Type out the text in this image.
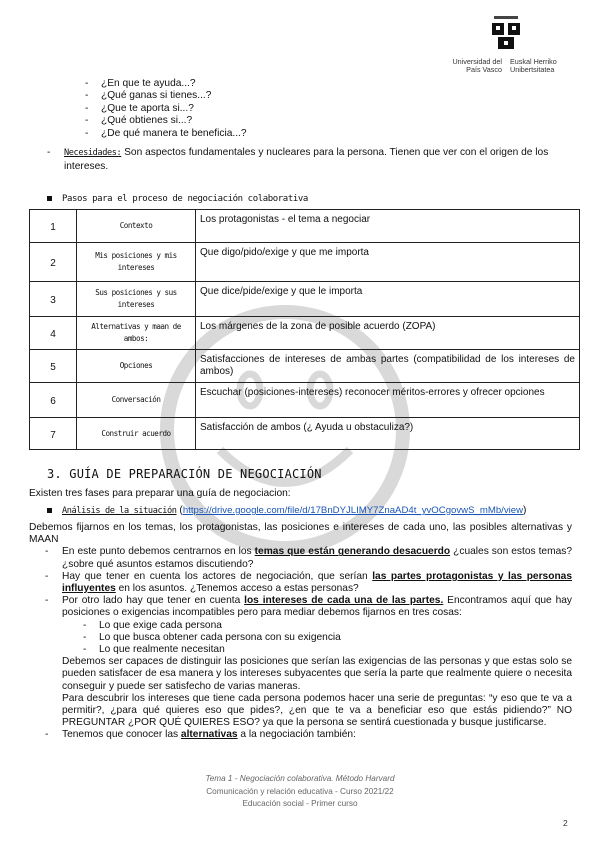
Universidad del País Vasco
Euskal Herriko Unibertsitatea
- ¿En que te ayuda...?
- ¿Qué ganas si tienes...?
- ¿Que te aporta si...?
- ¿Qué obtienes si...?
- ¿De qué manera te beneficia...?
- Necesidades: Son aspectos fundamentales y nucleares para la persona. Tienen que ver con el origen de los intereses.
Pasos para el proceso de negociación colaborativa
1	Contexto	Los protagonistas - el tema a negociar
2	Mis posiciones y mis intereses	Que digo/pido/exige y que me importa
3	Sus posiciones y sus intereses	Que dice/pide/exige y que le importa
4	Alternativas y maan de ambos:	Los márgenes de la zona de posible acuerdo (ZOPA)
5	Opciones	Satisfacciones de intereses de ambas partes (compatibilidad de los intereses de ambos)
6	Conversación	Escuchar (posiciones-intereses) reconocer méritos-errores y ofrecer opciones
7	Construir acuerdo	Satisfacción de ambos (¿ Ayuda u obstaculiza?)
3. GUÍA DE PREPARACIÓN DE NEGOCIACIÓN
Existen tres fases para preparar una guía de negociacion:
Análisis de la situación (https://drive.google.com/file/d/17BnDYJLIMY7ZnaAD4t_yvOCgovwS_mMb/view)

Debemos fijarnos en los temas, los protagonistas, las posiciones e intereses de cada uno, las posibles alternativas y MAAN

- En este punto debemos centrarnos en los temas que están generando desacuerdo ¿cuales son estos temas? ¿sobre qué asuntos estamos discutiendo?

- Hay que tener en cuenta los actores de negociación, que serían las partes protagonistas y las personas influyentes en los asuntos. ¿Tenemos acceso a estas personas?

- Por otro lado hay que tener en cuenta los intereses de cada una de las partes. Encontramos aquí que hay posiciones o exigencias incompatibles pero para mediar debemos fijarnos en tres cosas:

- Lo que exige cada persona

- Lo que busca obtener cada persona con su exigencia

- Lo que realmente necesitan

Debemos ser capaces de distinguir las posiciones que serían las exigencias de las personas y que estas solo se pueden satisfacer de esa manera y los intereses subyacentes que sería la parte que realmente quiere o necesita conseguir y puede ser satisfecho de varias maneras.

Para descubrir los intereses que tiene cada persona podemos hacer una serie de preguntas: “y eso que te va a permitir?, ¿para qué quieres eso que pides?, ¿en que te va a beneficiar eso que estás pidiendo?” NO PREGUNTAR ¿POR QUÉ QUIERES ESO? ya que la persona se sentirá cuestionada y busque justificarse.

- Tenemos que conocer las alternativas a la negociación también:

Tema 1 - Negociación colaborativa. Método Harvard
Comunicación y relación educativa - Curso 2021/22
Educación social - Primer curso
2
